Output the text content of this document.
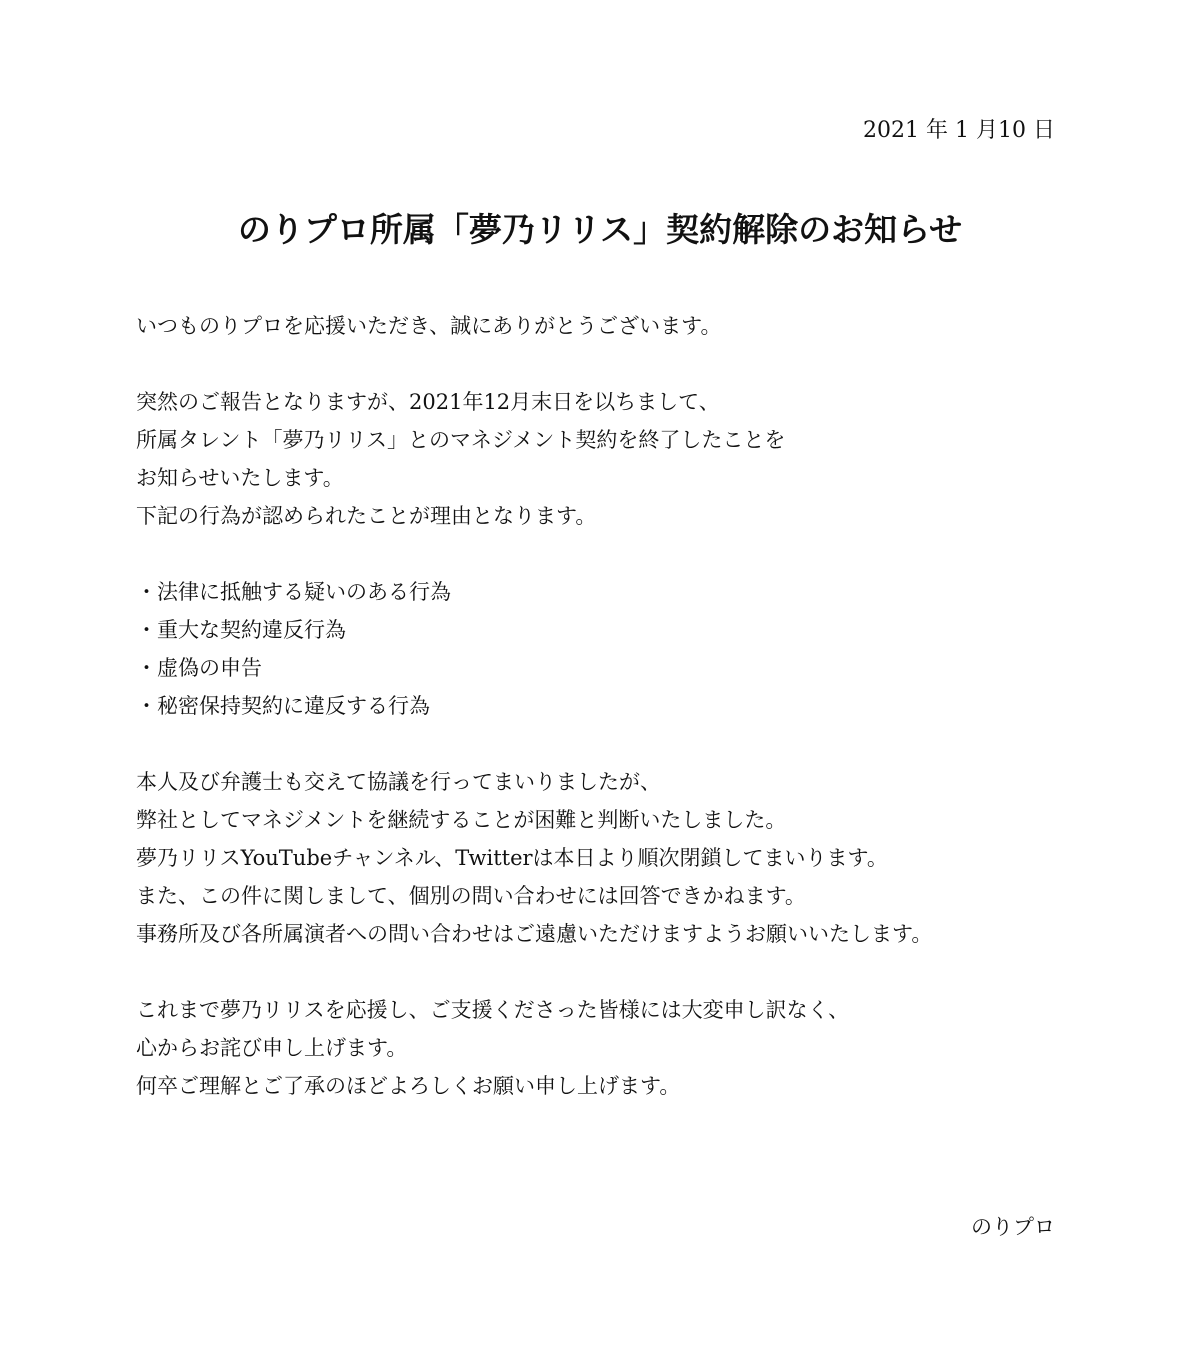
2021 年 1 月10 日
のりプロ所属「夢乃リリス」契約解除のお知らせ
いつものりプロを応援いただき、誠にありがとうございます。
突然のご報告となりますが、2021年12月末日を以ちまして、
所属タレント「夢乃リリス」とのマネジメント契約を終了したことを
お知らせいたします。
下記の行為が認められたことが理由となります。
・ 法律に抵触する疑いのある行為
・ 重大な契約違反行為
・ 虚偽の申告
・ 秘密保持契約に違反する行為
本人及び弁護士も交えて協議を行ってまいりましたが、
弊社としてマネジメントを継続することが困難と判断いたしました。
夢乃リリスYouTubeチャンネル、Twitterは本日より順次閉鎖してまいります。
また、この件に関しまして、個別の問い合わせには回答できかねます。
事務所及び各所属演者への問い合わせはご遠慮いただけますようお願いいたします。
これまで夢乃リリスを応援し、ご支援くださった皆様には大変申し訳なく、
心からお詫び申し上げます。
何卒ご理解とご了承のほどよろしくお願い申し上げます。
のりプロ
